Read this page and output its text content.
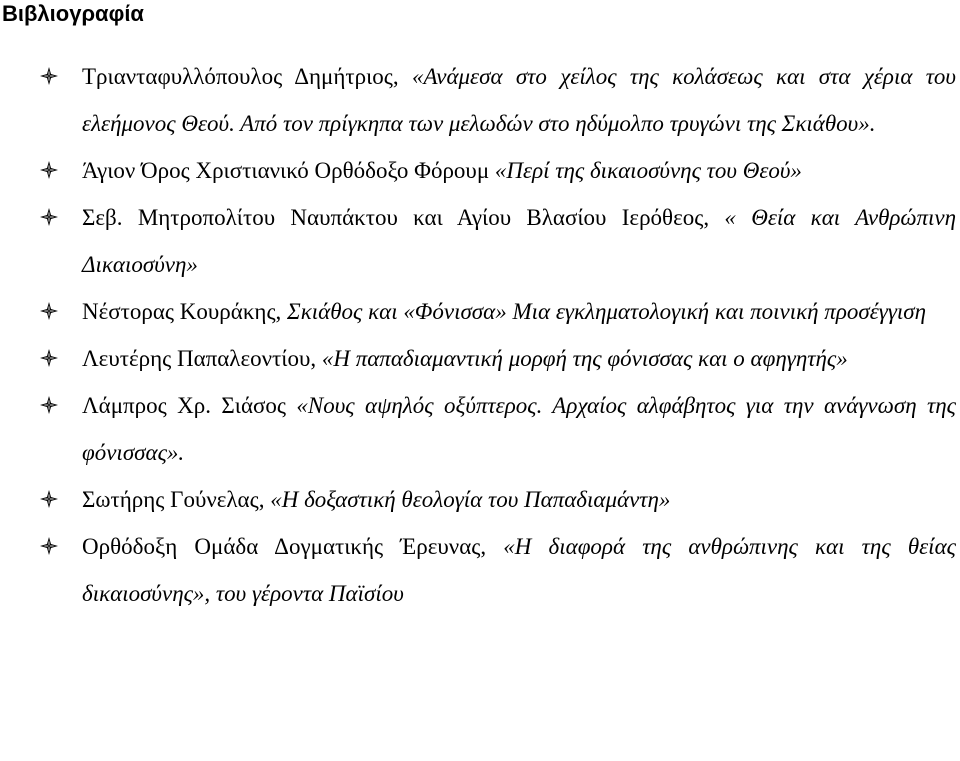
Βιβλιογραφία
Τριανταφυλλόπουλος Δημήτριος, «Ανάμεσα στο χείλος της κολάσεως και στα χέρια του ελεήμονος Θεού. Από τον πρίγκηπα των μελωδών στο ηδύμολπο τρυγώνι της Σκιάθου».
Άγιον Όρος Χριστιανικό Ορθόδοξο Φόρουμ «Περί της δικαιοσύνης του Θεού»
Σεβ. Μητροπολίτου Ναυπάκτου και Αγίου Βλασίου Ιερόθεος, « Θεία και Ανθρώπινη Δικαιοσύνη»
Νέστορας Κουράκης, Σκιάθος και «Φόνισσα» Μια εγκληματολογική και ποινική προσέγγιση
Λευτέρης Παπαλεοντίου, «Η παπαδιαμαντική μορφή της φόνισσας και ο αφηγητής»
Λάμπρος Χρ. Σιάσος «Νους αψηλός οξύπτερος. Αρχαίος αλφάβητος για την ανάγνωση της φόνισσας».
Σωτήρης Γούνελας, «Η δοξαστική θεολογία του Παπαδιαμάντη»
Ορθόδοξη Ομάδα Δογματικής Έρευνας, «Η διαφορά της ανθρώπινης και της θείας δικαιοσύνης», του γέροντα Παϊσίου
